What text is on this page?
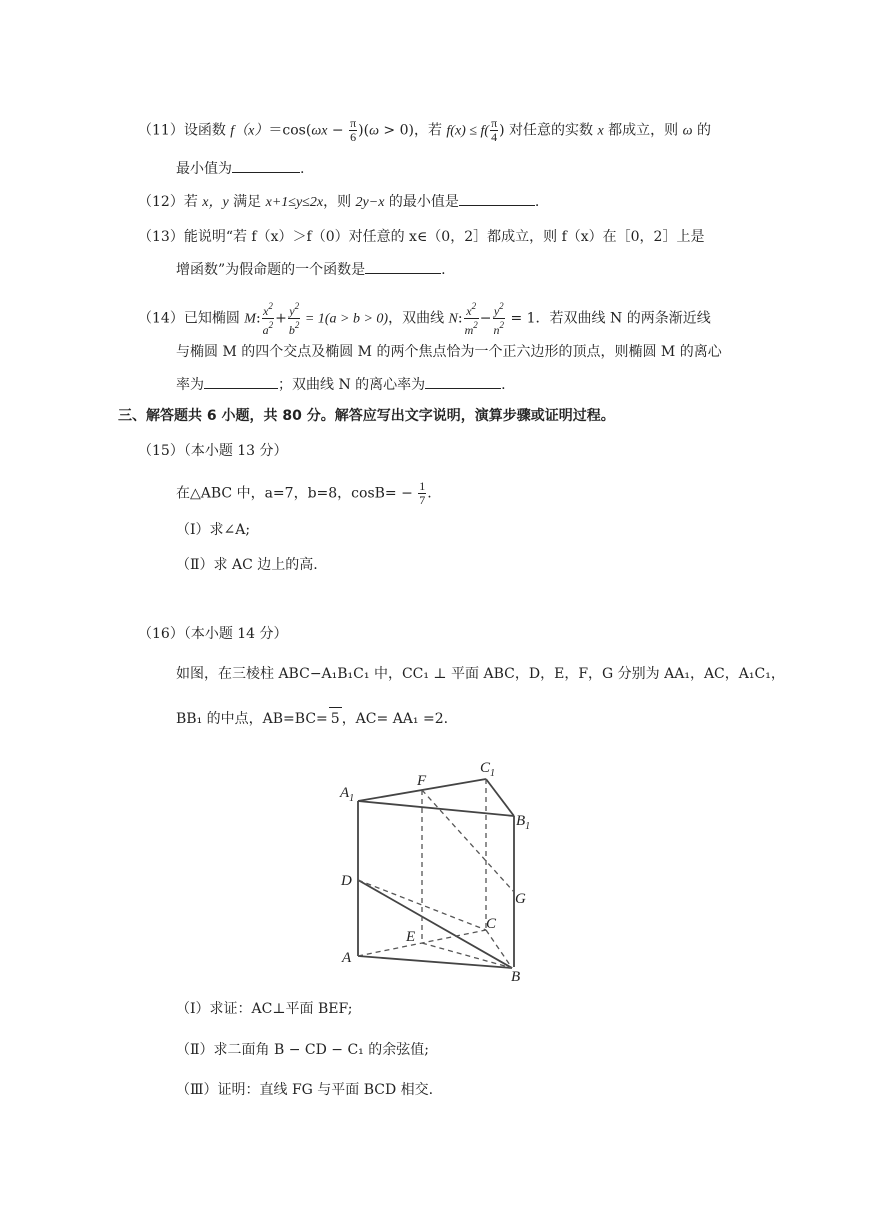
（11）设函数 $f(x)=\cos(\omega x - \frac{\pi}{6} )(\omega > 0)$，若 $f(x) \le f( \frac{\pi}{4}$ ) 对任意的实数 x 都成立，则 ω 的
最小值为	.
（12）若 x，y 满足 x+1≤y≤2x，则 2y−x 的最小值是	.
（13）能说明“若 f（x）＞f（0）对任意的 x∈（0，2］都成立，则 f（x）在［0，2］上是
增函数”为假命题的一个函数是	.
（14）已知椭圆 M: $\frac{x^2}{a^2} + \frac{y^2}{b^2} = 1(a > b > 0)$，双曲线 N: $\frac{x^2}{m^2} - \frac{y^2}{n^2} = 1$．若双曲线 N 的两条渐近线
与椭圆 M 的四个交点及椭圆 M 的两个焦点恰为一个正六边形的顶点，则椭圆 M 的离心
率为	；双曲线 N 的离心率为	.
三、解答题共 6 小题，共 80 分。解答应写出文字说明，演算步骤或证明过程。
（15）（本小题 13 分）
在△ABC 中，a=7，b=8，$\cos B= - \frac{1}{7}$ .
（Ⅰ）求∠A;
（Ⅱ）求 AC 边上的高.
（16）（本小题 14 分）
如图，在三棱柱 ABC−A₁B₁C₁ 中，CC₁ ⊥ 平面 ABC，D，E，F，G 分别为 AA₁，AC，A₁C₁，
BB₁ 的中点，AB=BC= 5 ，AC= AA₁ =2.
$A_1$
F
$C_1$
$B_1$
D
G
C
E
A
B
（Ⅰ）求证：AC⊥平面 BEF;
（Ⅱ）求二面角 B − CD − C₁ 的余弦值;
（Ⅲ）证明：直线 FG 与平面 BCD 相交.
